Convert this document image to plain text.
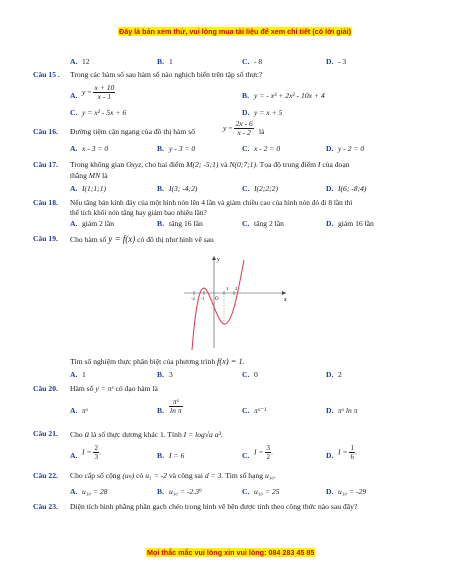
Đây là bản xem thử, vui lòng mua tài liệu để xem chi tiết (có lời giải)
A. 12	B. 1	C. - 8	D. - 3
Câu 15 . Trong các hàm số sau hàm số nào nghịch biến trên tập số thực?
A. $y = \frac{x + 10}{x - 1}$	B. y = - x³ + 2x² - 10x + 4
C. y = x² - 5x + 6	D. y = x + 5
Câu 16. Đường tiệm cận ngang của đồ thị hàm số	$y = \frac{2x - 6}{x - 2}$ là
A. x - 3 = 0	B. y - 3 = 0	C. x - 2 = 0	D. y - 2 = 0
Câu 17. Trong không gian Oxyz, cho hai điểm M(2; -5;1) và N(0;7;1). Tọa độ trung điểm I của đoạn
thẳng MN là
A. I(1;1;1)	B. I(3; -4;2)	C. I(2;2;2)	D. I(6; -8;4)
Câu 18. Nếu tăng bán kính đáy của một hình nón lên 4 lần và giảm chiều cao của hình nón đó đi 8 lần thì
thể tích khối nón tăng hay giảm bao nhiêu lần?
A. giảm 2 lần	B. tăng 16 lần	C. tăng 2 lần	D. giảm 16 lần
Câu 19. Cho hàm số y = f(x) có đồ thị như hình vẽ sau
x
y
O
-2 -1
1 2
Tìm số nghiệm thực phân biệt của phương trình f(x) = 1.
A. 1	B. 3	C. 0	D. 2
Câu 20. Hàm số y = πˣ có đạo hàm là
A. πˣ	B. $\frac{\text{πˣ}}{\text{ln π}}$	C. πˣ⁻¹	D. πˣ ln π
Câu 21. Cho a là số thực dương khác 1. Tính I = log√a a³.
A. $I = \frac{2}{3}$ .	B. I = 6	C. $I = \frac{3}{2}$ .	D. $I = \frac{1}{6}$ .
Câu 22. Cho cấp số cộng (uₙ) có u₁ = -2 và công sai d = 3. Tìm số hạng u₁₀.
A. u₁₀ = 28	B. u₁₀ = -2.3⁹	C. u₁₀ = 25	D. u₁₀ = -29
Câu 23. Diện tích hình phẳng phần gạch chéo trong hình vẽ bên được tính theo công thức nào sau đây?
Mọi thắc mắc vui lòng xin vui lòng: 084 283 45 85
